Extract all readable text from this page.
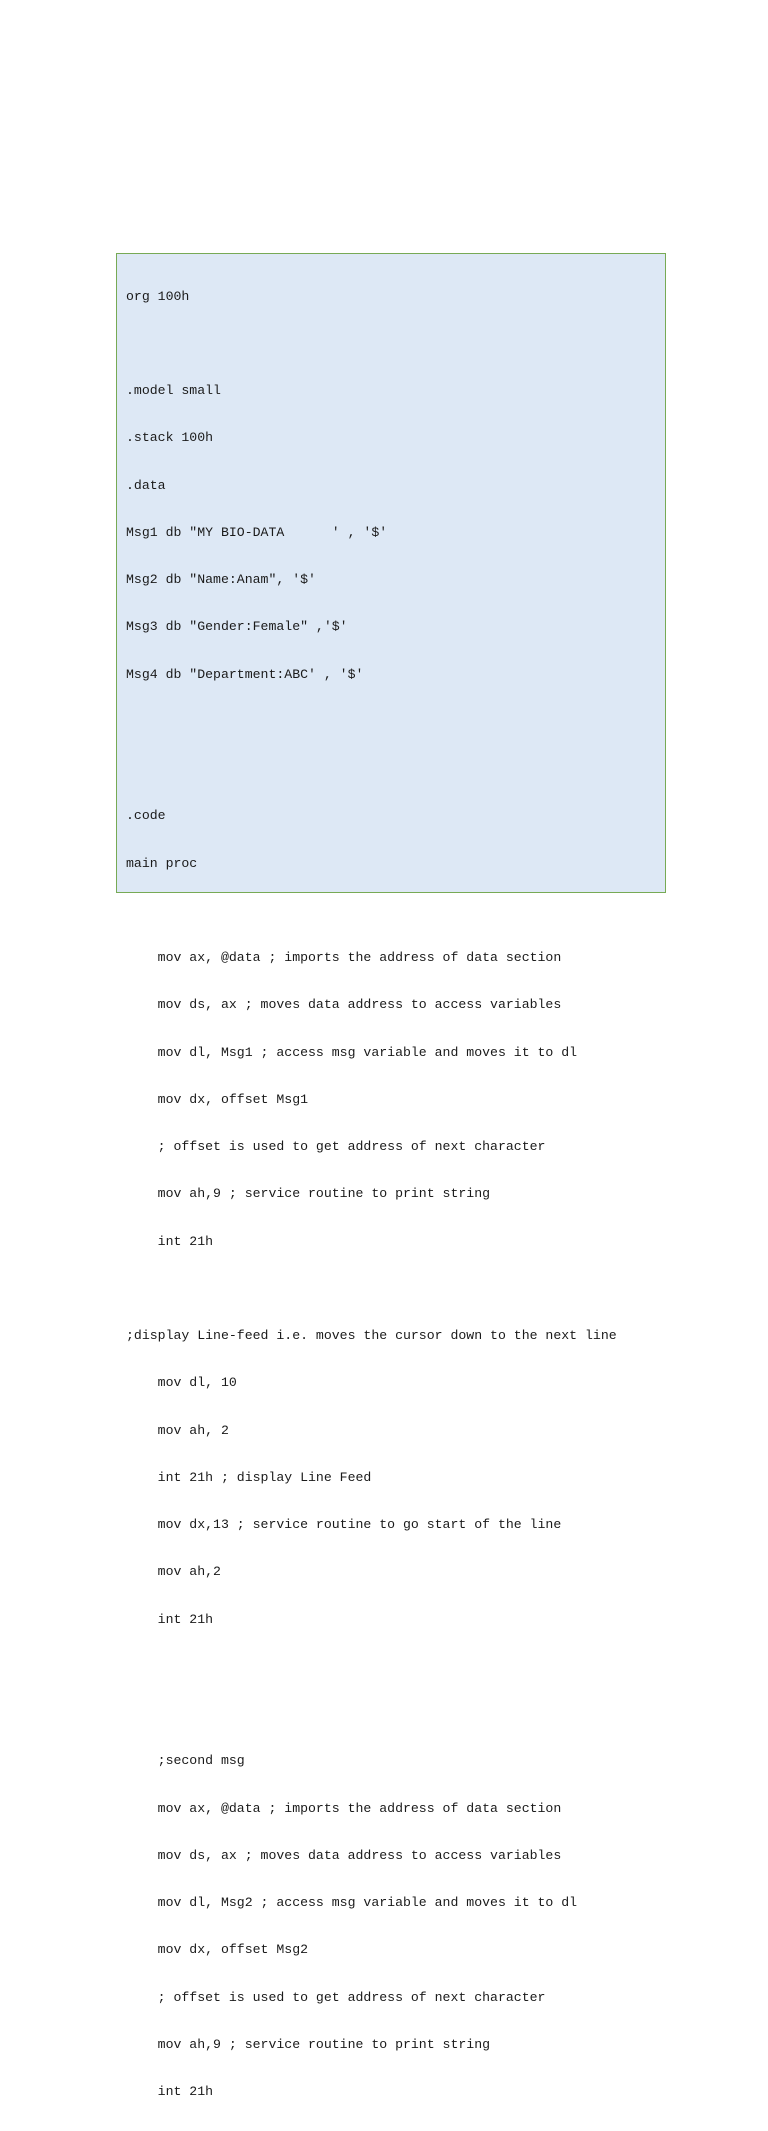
org 100h

.model small

.stack 100h

.data

Msg1 db "MY BIO-DATA      ' , '$'

Msg2 db "Name:Anam", '$'

Msg3 db "Gender:Female" ,'$'

Msg4 db "Department:ABC' , '$'

.code

main proc

mov ax, @data ; imports the address of data section

mov ds, ax ; moves data address to access variables

mov dl, Msg1 ; access msg variable and moves it to dl

mov dx, offset Msg1

; offset is used to get address of next character

mov ah,9 ; service routine to print string

int 21h

;display Line-feed i.e. moves the cursor down to the next line

mov dl, 10

mov ah, 2

int 21h ; display Line Feed

mov dx,13 ; service routine to go start of the line

mov ah,2

int 21h

;second msg

mov ax, @data ; imports the address of data section

mov ds, ax ; moves data address to access variables

mov dl, Msg2 ; access msg variable and moves it to dl

mov dx, offset Msg2

; offset is used to get address of next character

mov ah,9 ; service routine to print string

int 21h
